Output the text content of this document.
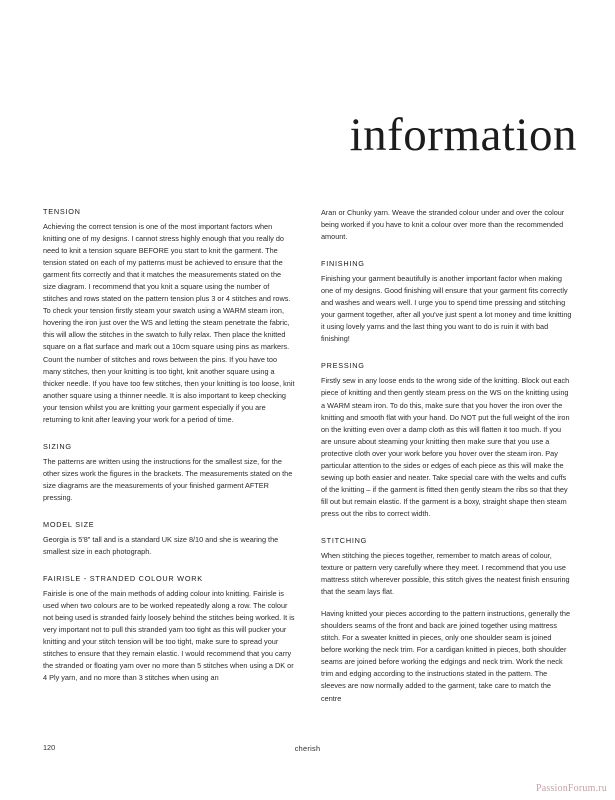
information
TENSION

Achieving the correct tension is one of the most important factors when knitting one of my designs. I cannot stress highly enough that you really do need to knit a tension square BEFORE you start to knit the garment. The tension stated on each of my patterns must be achieved to ensure that the garment fits correctly and that it matches the measurements stated on the size diagram. I recommend that you knit a square using the number of stitches and rows stated on the pattern tension plus 3 or 4 stitches and rows. To check your tension firstly steam your swatch using a WARM steam iron, hovering the iron just over the WS and letting the steam penetrate the fabric, this will allow the stitches in the swatch to fully relax. Then place the knitted square on a flat surface and mark out a 10cm square using pins as markers. Count the number of stitches and rows between the pins. If you have too many stitches, then your knitting is too tight, knit another square using a thicker needle. If you have too few stitches, then your knitting is too loose, knit another square using a thinner needle. It is also important to keep checking your tension whilst you are knitting your garment especially if you are returning to knit after leaving your work for a period of time.

SIZING

The patterns are written using the instructions for the smallest size, for the other sizes work the figures in the brackets. The measurements stated on the size diagrams are the measurements of your finished garment AFTER pressing.

MODEL SIZE

Georgia is 5'8" tall and is a standard UK size 8/10 and she is wearing the smallest size in each photograph.

FAIRISLE - STRANDED COLOUR WORK

Fairisle is one of the main methods of adding colour into knitting. Fairisle is used when two colours are to be worked repeatedly along a row. The colour not being used is stranded fairly loosely behind the stitches being worked. It is very important not to pull this stranded yarn too tight as this will pucker your knitting and your stitch tension will be too tight, make sure to spread your stitches to ensure that they remain elastic. I would recommend that you carry the stranded or floating yarn over no more than 5 stitches when using a DK or 4 Ply yarn, and no more than 3 stitches when using an

Aran or Chunky yarn. Weave the stranded colour under and over the colour being worked if you have to knit a colour over more than the recommended amount.

FINISHING

Finishing your garment beautifully is another important factor when making one of my designs. Good finishing will ensure that your garment fits correctly and washes and wears well. I urge you to spend time pressing and stitching your garment together, after all you've just spent a lot money and time knitting it using lovely yarns and the last thing you want to do is ruin it with bad finishing!

PRESSING

Firstly sew in any loose ends to the wrong side of the knitting. Block out each piece of knitting and then gently steam press on the WS on the knitting using a WARM steam iron. To do this, make sure that you hover the iron over the knitting and smooth flat with your hand. Do NOT put the full weight of the iron on the knitting even over a damp cloth as this will flatten it too much. If you are unsure about steaming your knitting then make sure that you use a protective cloth over your work before you hover over the steam iron. Pay particular attention to the sides or edges of each piece as this will make the sewing up both easier and neater. Take special care with the welts and cuffs of the knitting – if the garment is fitted then gently steam the ribs so that they fill out but remain elastic. If the garment is a boxy, straight shape then steam press out the ribs to correct width.

STITCHING

When stitching the pieces together, remember to match areas of colour, texture or pattern very carefully where they meet. I recommend that you use mattress stitch wherever possible, this stitch gives the neatest finish ensuring that the seam lays flat.

Having knitted your pieces according to the pattern instructions, generally the shoulders seams of the front and back are joined together using mattress stitch. For a sweater knitted in pieces, only one shoulder seam is joined before working the neck trim. For a cardigan knitted in pieces, both shoulder seams are joined before working the edgings and neck trim. Work the neck trim and edging according to the instructions stated in the pattern. The sleeves are now normally added to the garment, take care to match the centre

120	cherish
PassionForum.ru
